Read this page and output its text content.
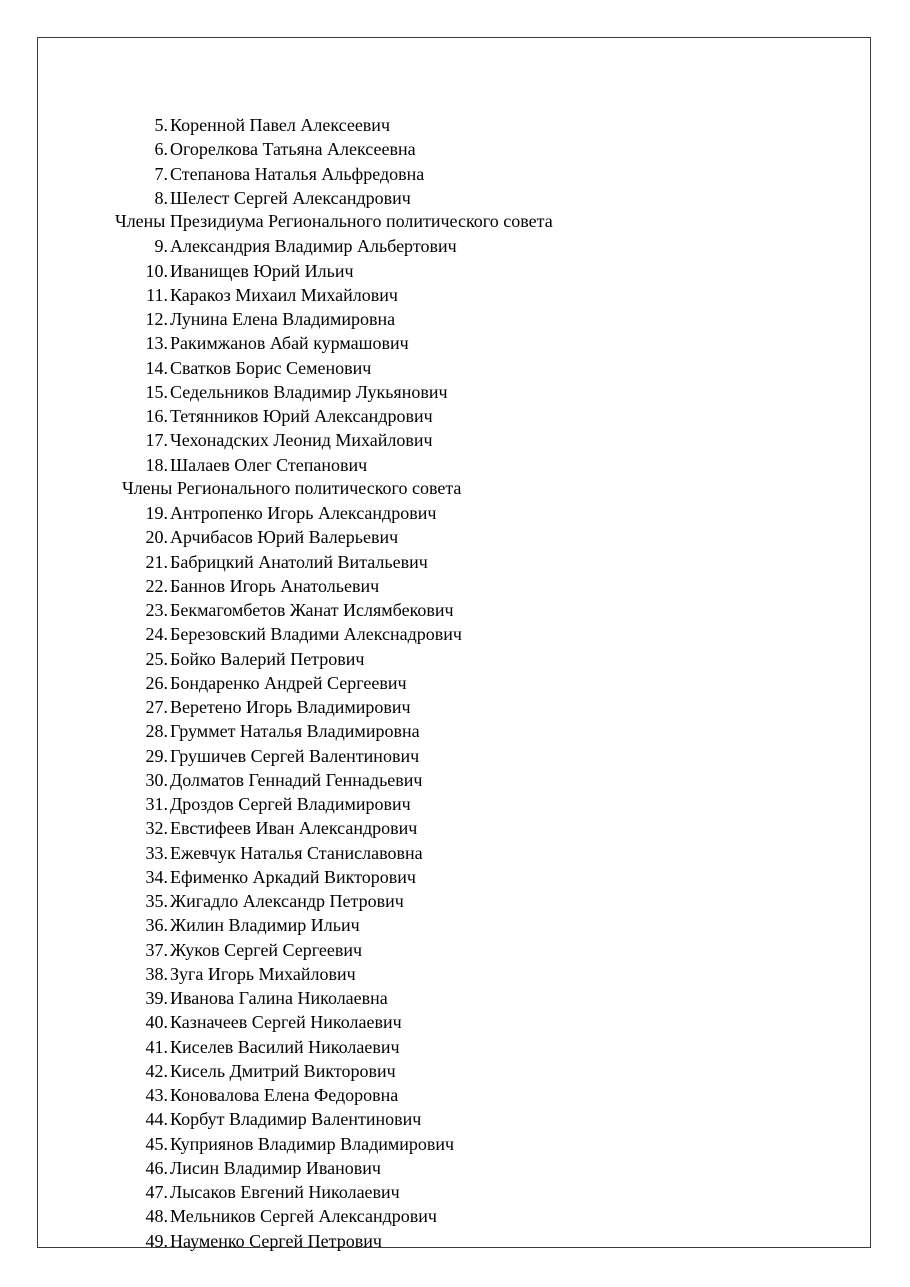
5. Коренной Павел Алексеевич
6. Огорелкова Татьяна Алексеевна
7. Степанова Наталья Альфредовна
8. Шелест Сергей Александрович
Члены Президиума Регионального политического совета
9. Александрия Владимир Альбертович
10. Иванищев Юрий Ильич
11. Каракоз Михаил Михайлович
12. Лунина Елена Владимировна
13. Ракимжанов Абай курмашович
14. Сватков Борис Семенович
15. Седельников Владимир Лукьянович
16. Тетянников Юрий Александрович
17. Чехонадских Леонид Михайлович
18. Шалаев Олег Степанович
Члены Регионального политического совета
19. Антропенко Игорь Александрович
20. Арчибасов Юрий Валерьевич
21. Бабрицкий Анатолий Витальевич
22. Баннов Игорь Анатольевич
23. Бекмагомбетов Жанат Ислямбекович
24. Березовский Владими Алекснадрович
25. Бойко Валерий Петрович
26. Бондаренко Андрей Сергеевич
27. Веретено Игорь Владимирович
28. Груммет Наталья Владимировна
29. Грушичев Сергей Валентинович
30. Долматов Геннадий Геннадьевич
31. Дроздов Сергей Владимирович
32. Евстифеев Иван Александрович
33. Ежевчук Наталья Станиславовна
34. Ефименко Аркадий Викторович
35. Жигадло Александр Петрович
36. Жилин Владимир Ильич
37. Жуков Сергей Сергеевич
38. Зуга Игорь Михайлович
39. Иванова Галина Николаевна
40. Казначеев Сергей Николаевич
41. Киселев Василий Николаевич
42. Кисель Дмитрий Викторович
43. Коновалова Елена Федоровна
44. Корбут Владимир Валентинович
45. Куприянов Владимир Владимирович
46. Лисин Владимир Иванович
47. Лысаков Евгений Николаевич
48. Мельников Сергей Александрович
49. Науменко Сергей Петрович
